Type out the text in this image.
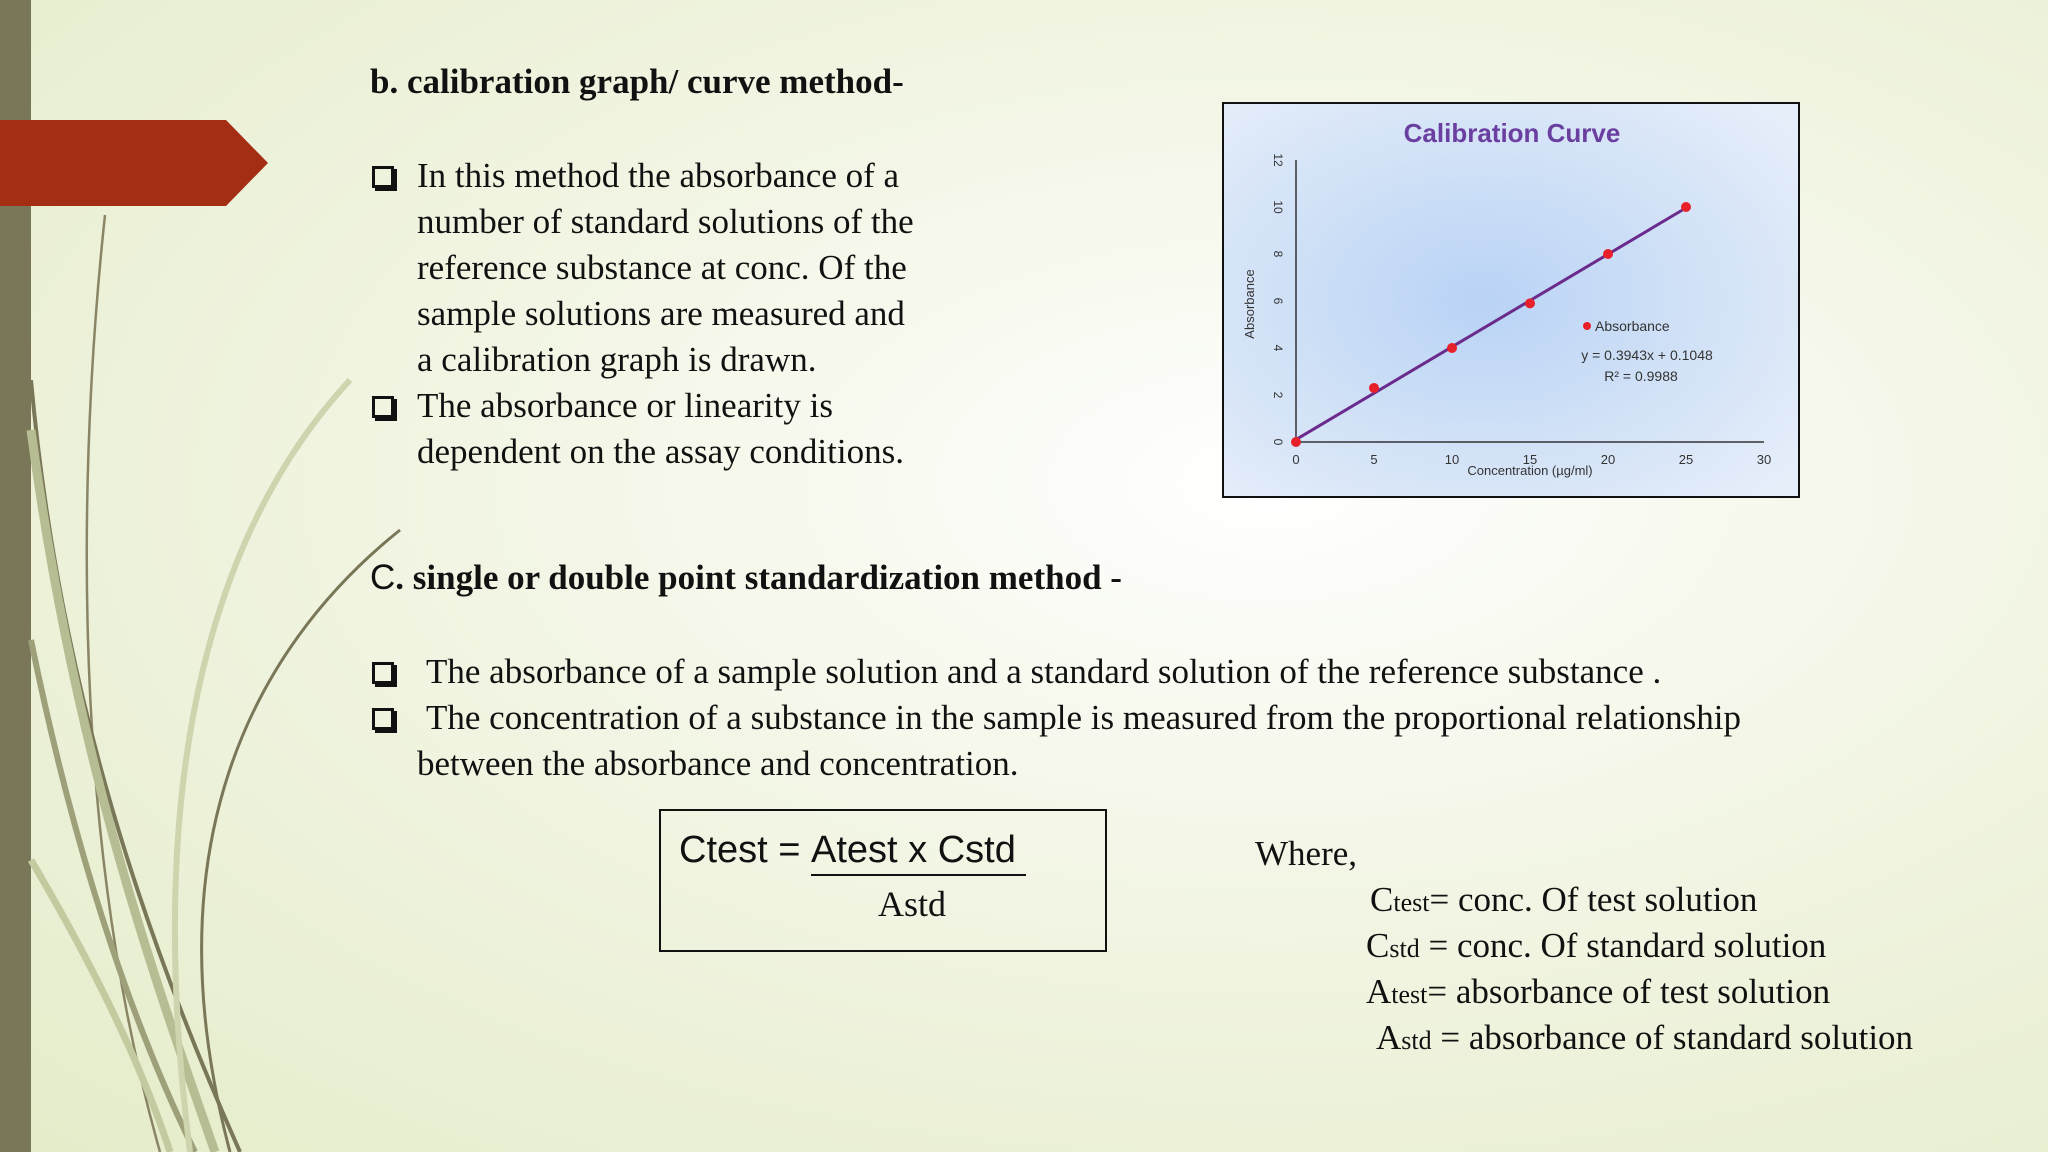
b. calibration graph/ curve method-
In this method the absorbance of a
number of standard solutions of the
reference substance at conc. Of the
sample solutions are measured and
a calibration graph is drawn.
The absorbance or linearity is
dependent on the assay conditions.
Calibration Curve
0	5	10	15	20	25	30
0
2
4
6
8
10
12
Concentration (µg/ml)
Absorbance	Absorbance
y = 0.3943x + 0.1048
R² = 0.9988
C. single or double point standardization method -
The absorbance of a sample solution and a standard solution of the reference substance .
The concentration of a substance in the sample is measured from the proportional relationship
between the absorbance and concentration.
Ctest = Atest x Cstd
Astd
Where,
Ctest= conc. Of test solution
Cstd = conc. Of standard solution
Atest= absorbance of test solution
Astd = absorbance of standard solution
